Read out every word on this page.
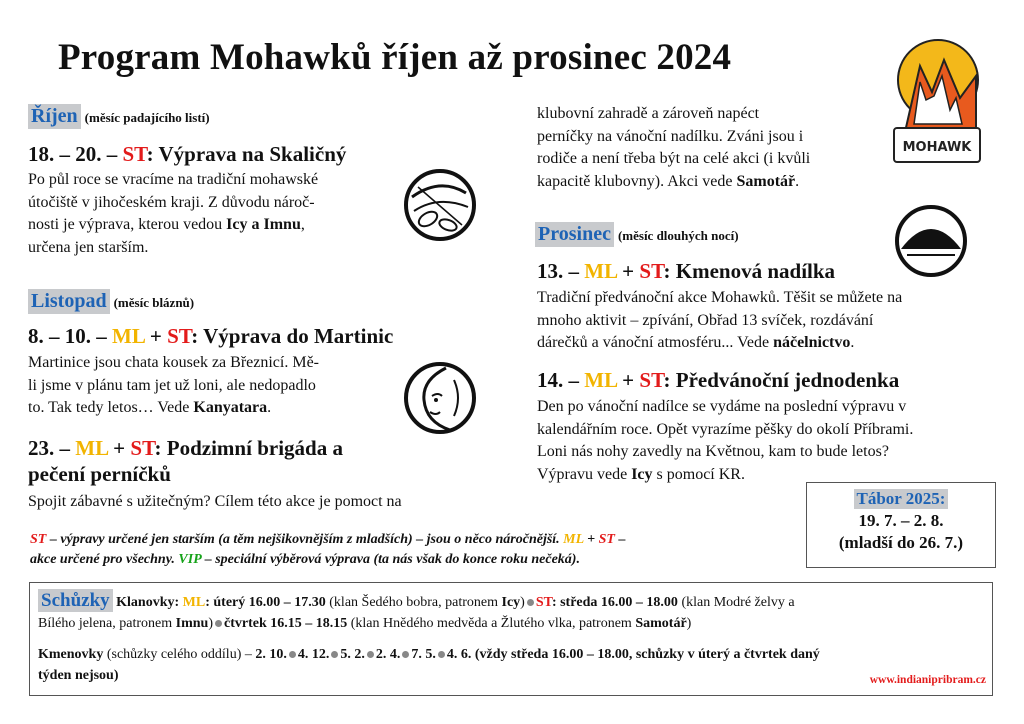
Program Mohawků říjen až prosinec 2024
MOHAWK
Říjen (měsíc padajícího listí)
18. – 20. – ST: Výprava na Skaličný
Po půl roce se vracíme na tradiční mohawské
útočiště v jihočeském kraji. Z důvodu nároč-
nosti je výprava, kterou vedou Icy a Imnu,
určena jen starším.
Listopad (měsíc bláznů)
8. – 10. – ML + ST: Výprava do Martinic
Martinice jsou chata kousek za Březnicí. Mě-
li jsme v plánu tam jet už loni, ale nedopadlo
to. Tak tedy letos… Vede Kanyatara.
23. – ML + ST: Podzimní brigáda a
pečení perníčků
Spojit zábavné s užitečným? Cílem této akce je pomoct na
klubovní zahradě a zároveň napéct
perníčky na vánoční nadílku. Zváni jsou i
rodiče a není třeba být na celé akci (i kvůli
kapacitě klubovny). Akci vede Samotář.
Prosinec (měsíc dlouhých nocí)
13. – ML + ST: Kmenová nadílka
Tradiční předvánoční akce Mohawků. Těšit se můžete na
mnoho aktivit – zpívání, Obřad 13 svíček, rozdávání
dárečků a vánoční atmosféru... Vede náčelnictvo.
14. – ML + ST: Předvánoční jednodenka
Den po vánoční nadílce se vydáme na poslední výpravu v
kalendářním roce. Opět vyrazíme pěšky do okolí Příbrami.
Loni nás nohy zavedly na Květnou, kam to bude letos?
Výpravu vede Icy s pomocí KR.
ST – výpravy určené jen starším (a těm nejšikovnějším z mladších) – jsou o něco náročnější. ML + ST –
akce určené pro všechny. VIP – speciální výběrová výprava (ta nás však do konce roku nečeká).
Tábor 2025:
19. 7. – 2. 8.
(mladší do 26. 7.)
Schůzky Klanovky: ML: úterý 16.00 – 17.30 (klan Šedého bobra, patronem Icy) ST: středa 16.00 – 18.00 (klan Modré želvy a
Bílého jelena, patronem Imnu) čtvrtek 16.15 – 18.15 (klan Hnědého medvěda a Žlutého vlka, patronem Samotář)
Kmenovky (schůzky celého oddílu) – 2. 10. 4. 12. 5. 2. 2. 4. 7. 5. 4. 6. (vždy středa 16.00 – 18.00, schůzky v úterý a čtvrtek daný
týden nejsou)	www.indianipribram.cz
